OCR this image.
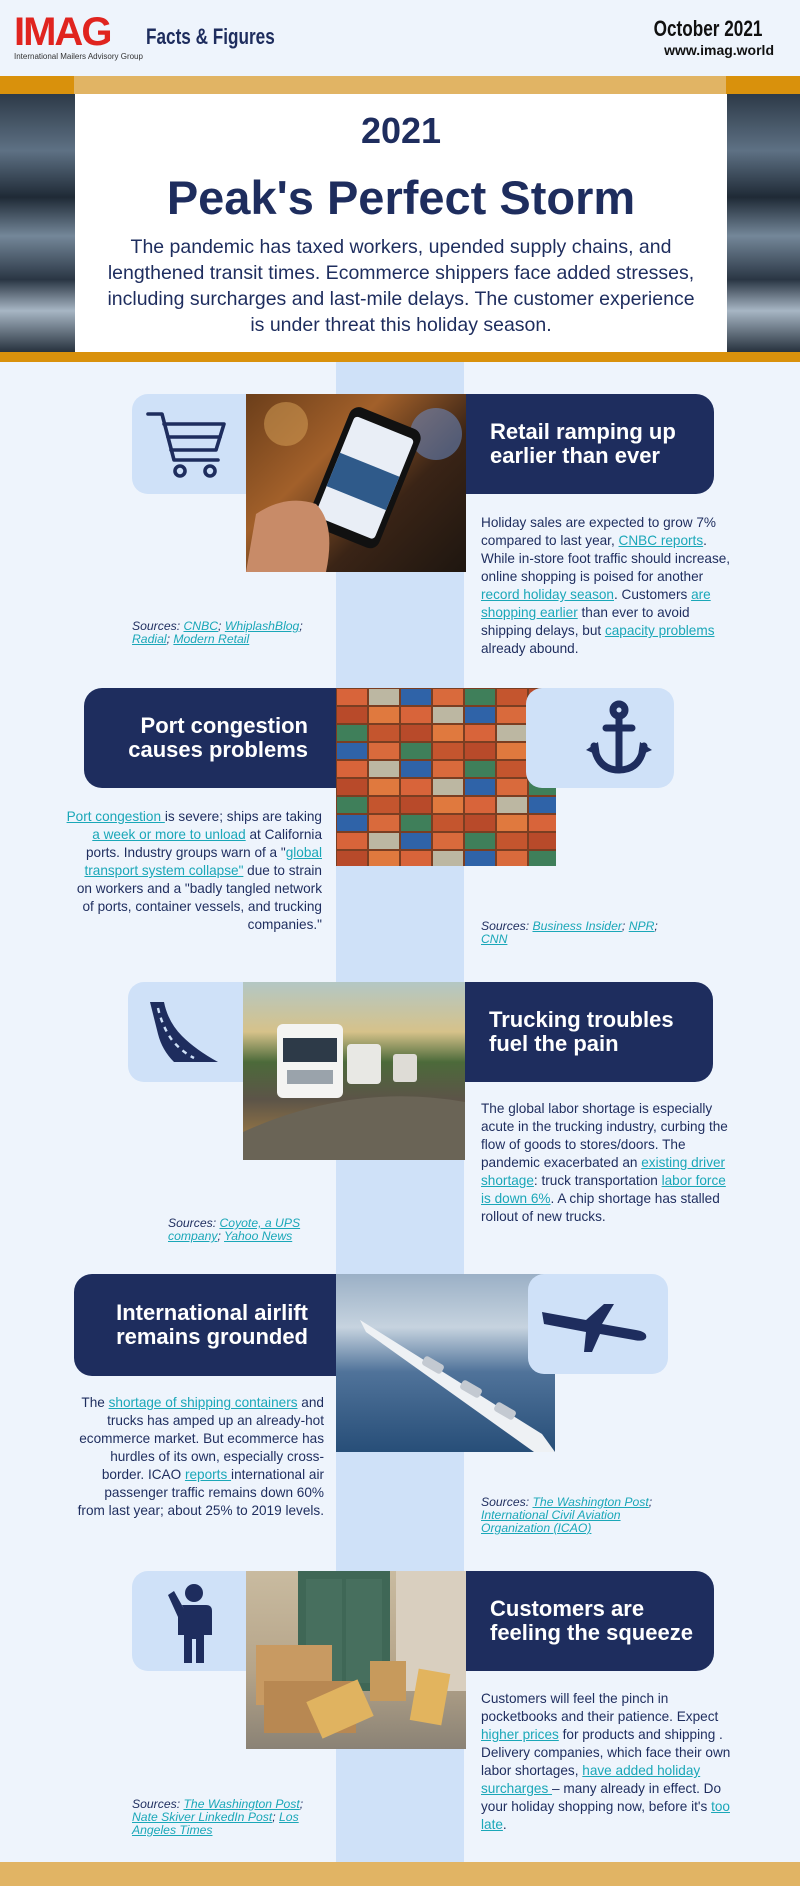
IMAG
International Mailers Advisory Group
Facts & Figures	October 2021
www.imag.world
2021
Peak's Perfect Storm
The pandemic has taxed workers, upended supply chains, and lengthened transit times. Ecommerce shippers face added stresses, including surcharges and last-mile delays. The customer experience is under threat this holiday season.
Retail ramping up
earlier than ever
Holiday sales are expected to grow 7% compared to last year, CNBC reports. While in-store foot traffic should increase, online shopping is poised for another record holiday season. Customers are shopping earlier than ever to avoid shipping delays, but capacity problems already abound.
Sources: CNBC; WhiplashBlog; Radial; Modern Retail
Port congestion
causes problems
Port congestion is severe; ships are taking a week or more to unload at California ports. Industry groups warn of a "global transport system collapse" due to strain on workers and a "badly tangled network of ports, container vessels, and trucking companies."	Sources: Business Insider; NPR; CNN
Trucking troubles
fuel the pain
The global labor shortage is especially acute in the trucking industry, curbing the flow of goods to stores/doors. The pandemic exacerbated an existing driver shortage: truck transportation labor force is down 6%. A chip shortage has stalled rollout of new trucks.
Sources: Coyote, a UPS company; Yahoo News
International airlift
remains grounded
The shortage of shipping containers and trucks has amped up an already-hot ecommerce market. But ecommerce has hurdles of its own, especially cross-border. ICAO reports international air passenger traffic remains down 60% from last year; about 25% to 2019 levels.
Sources: The Washington Post; International Civil Aviation Organization (ICAO)
Customers are
feeling the squeeze
Customers will feel the pinch in pocketbooks and their patience. Expect higher prices for products and shipping . Delivery companies, which face their own labor shortages, have added holiday surcharges – many already in effect. Do your holiday shopping now, before it's too late.
Sources: The Washington Post; Nate Skiver LinkedIn Post; Los Angeles Times
